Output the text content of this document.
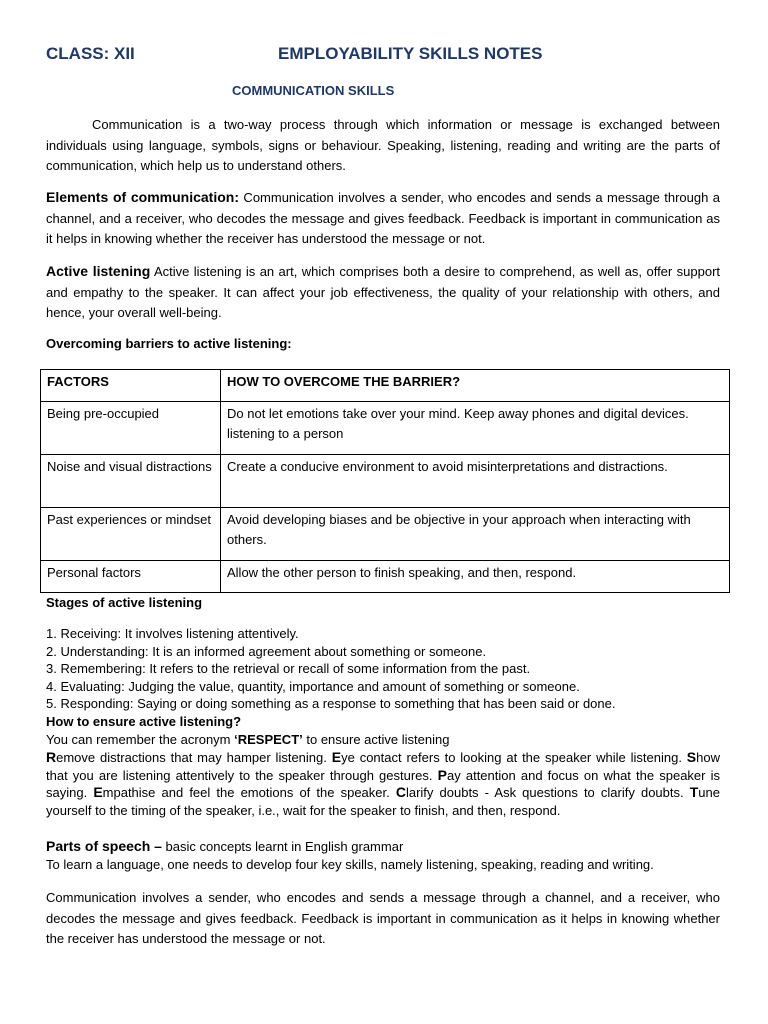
CLASS: XII	EMPLOYABILITY SKILLS NOTES
COMMUNICATION SKILLS

Communication is a two-way process through which information or message is exchanged between individuals using language, symbols, signs or behaviour. Speaking, listening, reading and writing are the parts of communication, which help us to understand others.

Elements of communication: Communication involves a sender, who encodes and sends a message through a channel, and a receiver, who decodes the message and gives feedback. Feedback is important in communication as it helps in knowing whether the receiver has understood the message or not.

Active listening Active listening is an art, which comprises both a desire to comprehend, as well as, offer support and empathy to the speaker. It can affect your job effectiveness, the quality of your relationship with others, and hence, your overall well-being.

Overcoming barriers to active listening:
FACTORS	HOW TO OVERCOME THE BARRIER?
Being pre-occupied	Do not let emotions take over your mind. Keep away phones and digital devices. listening to a person
Noise and visual distractions	Create a conducive environment to avoid misinterpretations and distractions.
Past experiences or mindset	Avoid developing biases and be objective in your approach when interacting with others.
Personal factors	Allow the other person to finish speaking, and then, respond.
Stages of active listening
1. Receiving: It involves listening attentively.
2. Understanding: It is an informed agreement about something or someone.
3. Remembering: It refers to the retrieval or recall of some information from the past.
4. Evaluating: Judging the value, quantity, importance and amount of something or someone.
5. Responding: Saying or doing something as a response to something that has been said or done.
How to ensure active listening?
You can remember the acronym ‘RESPECT’ to ensure active listening

Remove distractions that may hamper listening. Eye contact refers to looking at the speaker while listening. Show that you are listening attentively to the speaker through gestures. Pay attention and focus on what the speaker is saying. Empathise and feel the emotions of the speaker. Clarify doubts - Ask questions to clarify doubts. Tune yourself to the timing of the speaker, i.e., wait for the speaker to finish, and then, respond.

Parts of speech – basic concepts learnt in English grammar
To learn a language, one needs to develop four key skills, namely listening, speaking, reading and writing.

Communication involves a sender, who encodes and sends a message through a channel, and a receiver, who decodes the message and gives feedback. Feedback is important in communication as it helps in knowing whether the receiver has understood the message or not.
